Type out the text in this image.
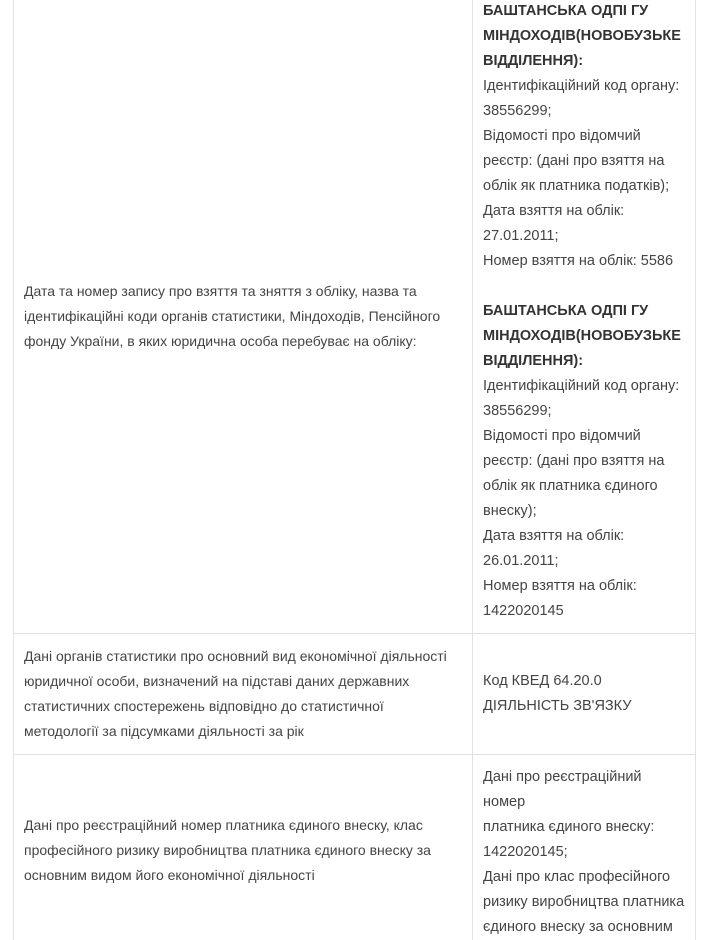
Дата та номер запису про взяття та зняття з обліку, назва та ідентифікаційні коди органів статистики, Міндоходів, Пенсійного фонду України, в яких юридична особа перебуває на обліку:
БАШТАНСЬКА ОДПІ ГУ МІНДОХОДІВ(НОВОБУЗЬКЕ ВІДДІЛЕННЯ):
Ідентифікаційний код органу:
38556299;
Відомості про відомчий
реєстр: (дані про взяття на
облік як платника податків);
Дата взяття на облік:
27.01.2011;
Номер взяття на облік: 5586
БАШТАНСЬКА ОДПІ ГУ МІНДОХОДІВ(НОВОБУЗЬКЕ ВІДДІЛЕННЯ):
Ідентифікаційний код органу:
38556299;
Відомості про відомчий
реєстр: (дані про взяття на
облік як платника єдиного
внеску);
Дата взяття на облік:
26.01.2011;
Номер взяття на облік:
1422020145
Дані органів статистики про основний вид економічної діяльності юридичної особи, визначений на підставі даних державних статистичних спостережень відповідно до статистичної методології за підсумками діяльності за рік
Код КВЕД 64.20.0 ДІЯЛЬНІСТЬ ЗВ'ЯЗКУ
Дані про реєстраційний номер платника єдиного внеску, клас професійного ризику виробництва платника єдиного внеску за основним видом його економічної діяльності
Дані про реєстраційний номер
платника єдиного внеску:
1422020145;
Дані про клас професійного
ризику виробництва платника
єдиного внеску за основним
